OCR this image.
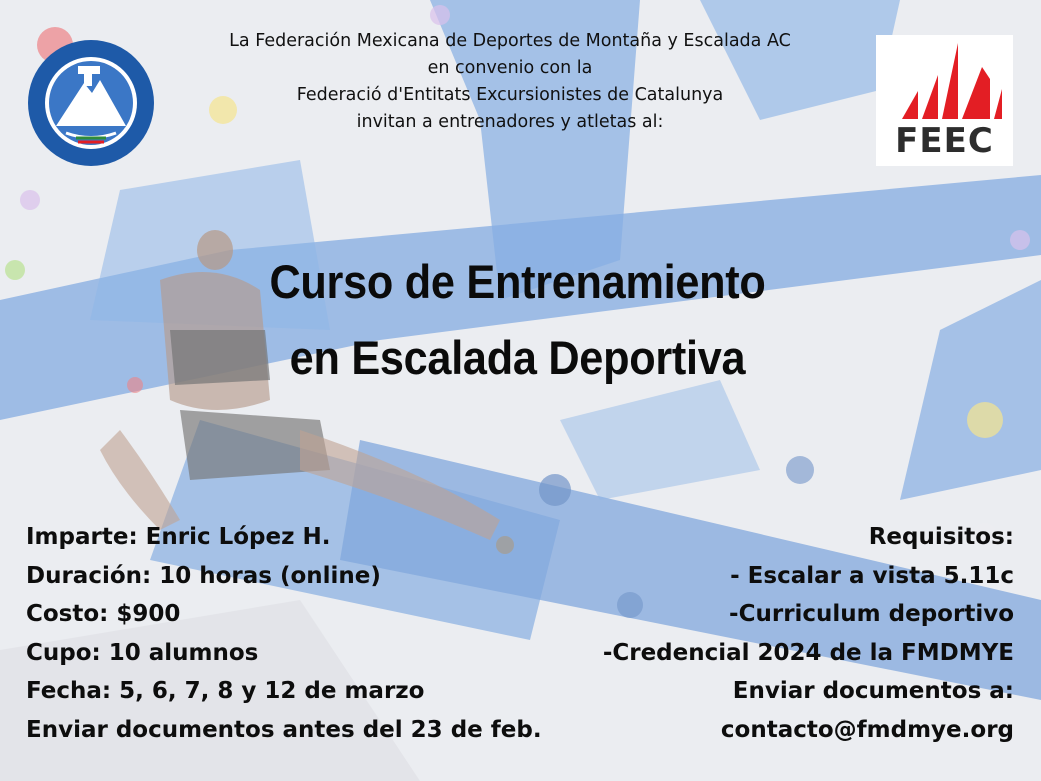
FEEC
La Federación Mexicana de Deportes de Montaña y Escalada AC
en convenio con la
Federació d'Entitats Excursionistes de Catalunya
invitan a entrenadores y atletas al:
Curso de Entrenamiento
en Escalada Deportiva
Imparte: Enric López H.
Duración: 10 horas (online)
Costo: $900
Cupo: 10 alumnos
Fecha: 5, 6, 7, 8 y 12 de marzo
Enviar documentos antes del 23 de feb.
Requisitos:
- Escalar a vista 5.11c
-Curriculum deportivo
-Credencial 2024 de la FMDMYE
Enviar documentos a:
contacto@fmdmye.org
